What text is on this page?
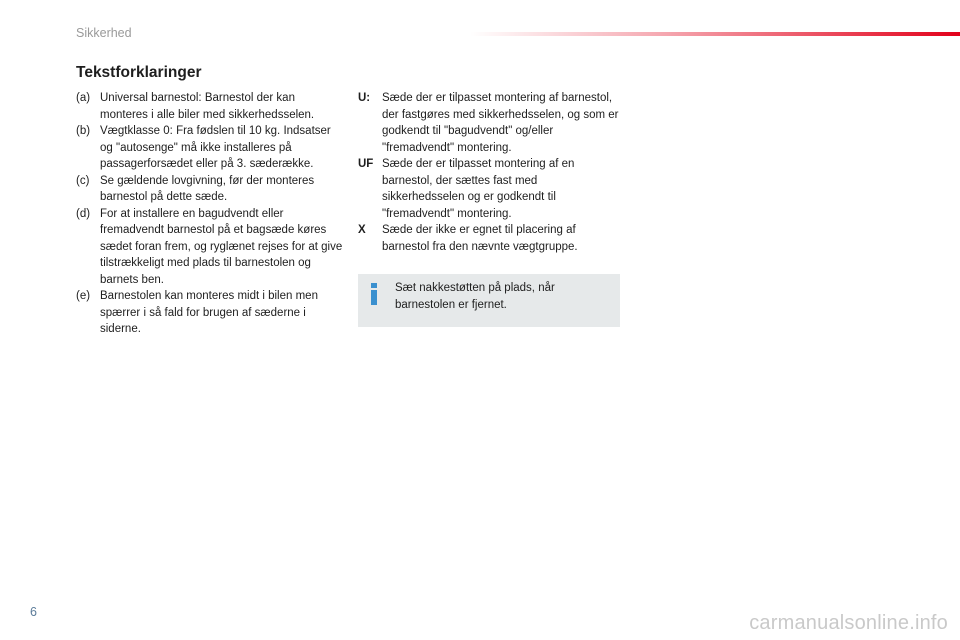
Sikkerhed
Tekstforklaringer
(a) Universal barnestol: Barnestol der kan monteres i alle biler med sikkerhedsselen.
(b) Vægtklasse 0: Fra fødslen til 10 kg. Indsatser og "autosenge" må ikke installeres på passagerforsædet eller på 3. sæderække.
(c) Se gældende lovgivning, før der monteres barnestol på dette sæde.
(d) For at installere en bagudvendt eller fremadvendt barnestol på et bagsæde køres sædet foran frem, og ryglænet rejses for at give tilstrækkeligt med plads til barnestolen og barnets ben.
(e) Barnestolen kan monteres midt i bilen men spærrer i så fald for brugen af sæderne i siderne.
U:	Sæde der er tilpasset montering af barnestol, der fastgøres med sikkerhedsselen, og som er godkendt til "bagudvendt" og/eller "fremadvendt" montering.
UF Sæde der er tilpasset montering af en barnestol, der sættes fast med sikkerhedsselen og er godkendt til "fremadvendt" montering.
X	Sæde der ikke er egnet til placering af barnestol fra den nævnte vægtgruppe.
Sæt nakkestøtten på plads, når barnestolen er fjernet.
6	carmanualsonline.info
